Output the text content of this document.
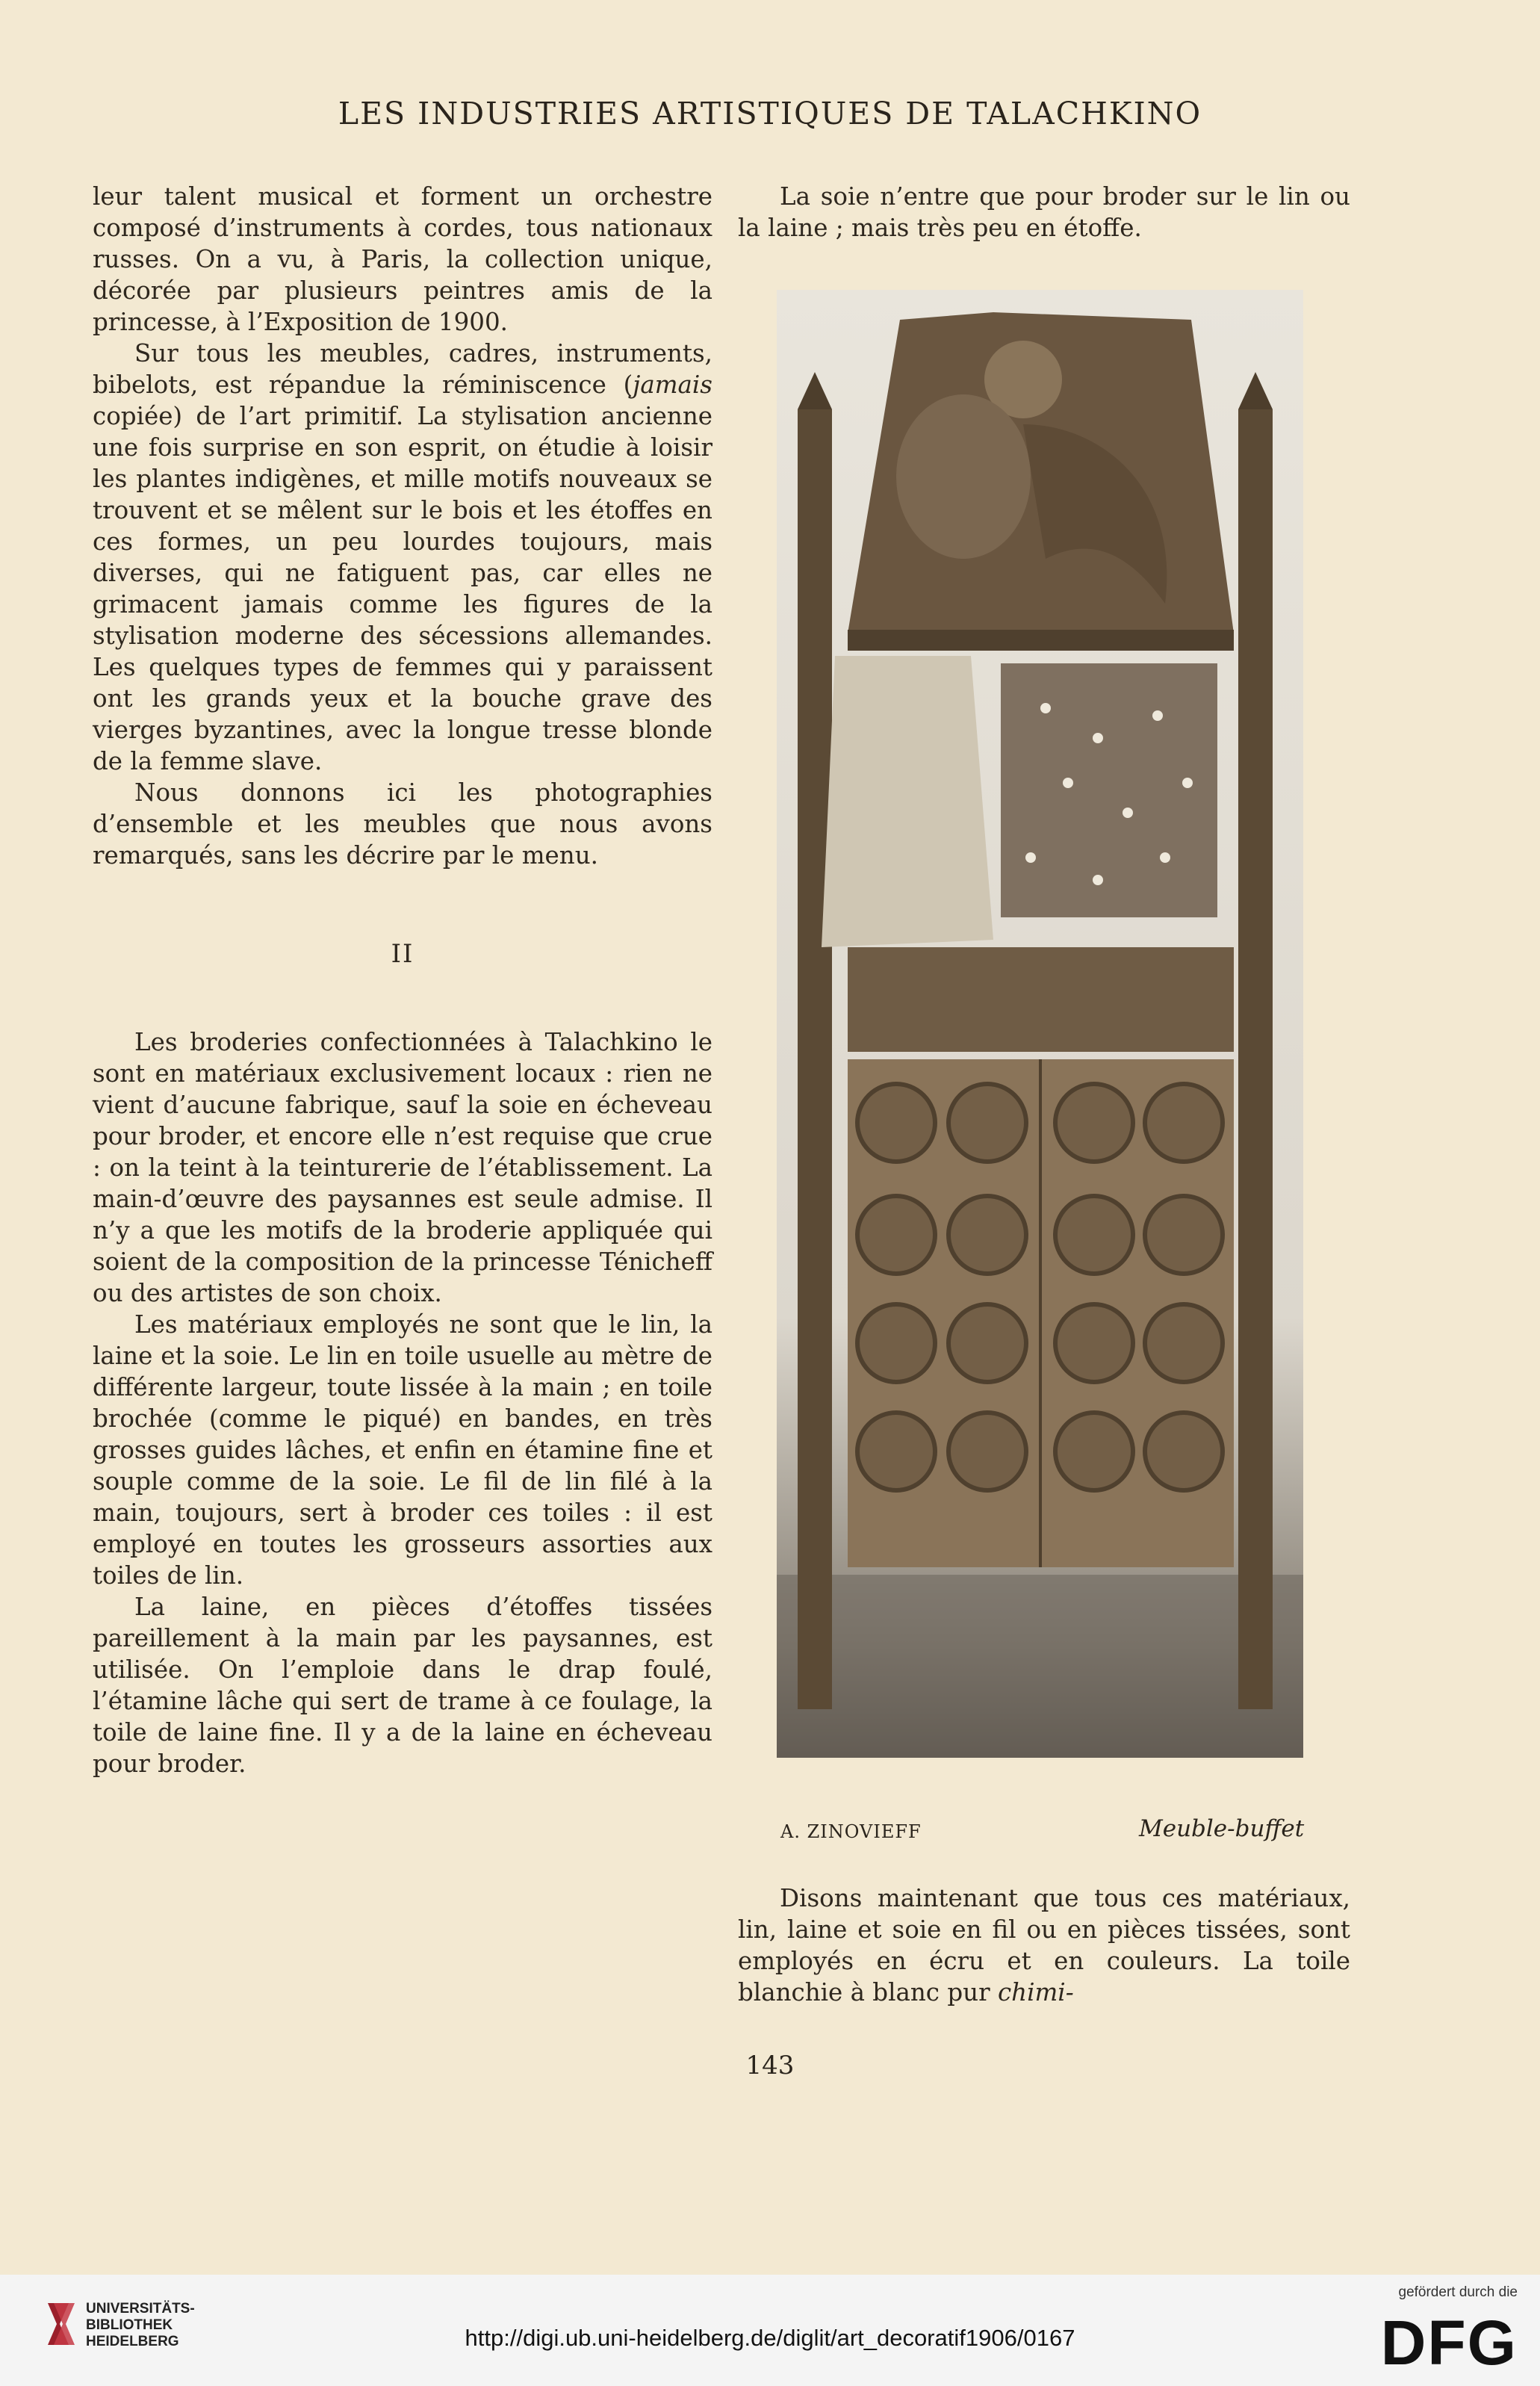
LES INDUSTRIES ARTISTIQUES DE TALACHKINO

leur talent musical et forment un orchestre composé d’instruments à cordes, tous nationaux russes. On a vu, à Paris, la collection unique, décorée par plusieurs peintres amis de la princesse, à l’Exposition de 1900.

Sur tous les meubles, cadres, instruments, bibelots, est répandue la réminiscence (jamais copiée) de l’art primitif. La stylisation ancienne une fois surprise en son esprit, on étudie à loisir les plantes indigènes, et mille motifs nouveaux se trouvent et se mêlent sur le bois et les étoffes en ces formes, un peu lourdes toujours, mais diverses, qui ne fatiguent pas, car elles ne grimacent jamais comme les figures de la stylisation moderne des sécessions allemandes. Les quelques types de femmes qui y paraissent ont les grands yeux et la bouche grave des vierges byzantines, avec la longue tresse blonde de la femme slave.

Nous donnons ici les photographies d’ensemble et les meubles que nous avons remarqués, sans les décrire par le menu.

II

Les broderies confectionnées à Talachkino le sont en matériaux exclusivement locaux : rien ne vient d’aucune fabrique, sauf la soie en écheveau pour broder, et encore elle n’est requise que crue : on la teint à la teinturerie de l’établissement. La main-d’œuvre des paysannes est seule admise. Il n’y a que les motifs de la broderie appliquée qui soient de la composition de la princesse Ténicheff ou des artistes de son choix.

Les matériaux employés ne sont que le lin, la laine et la soie. Le lin en toile usuelle au mètre de différente largeur, toute lissée à la main ; en toile brochée (comme le piqué) en bandes, en très grosses guides lâches, et enfin en étamine fine et souple comme de la soie. Le fil de lin filé à la main, toujours, sert à broder ces toiles : il est employé en toutes les grosseurs assorties aux toiles de lin.

La laine, en pièces d’étoffes tissées pareillement à la main par les paysannes, est utilisée. On l’emploie dans le drap foulé, l’étamine lâche qui sert de trame à ce foulage, la toile de laine fine. Il y a de la laine en écheveau pour broder.

La soie n’entre que pour broder sur le lin ou la laine ; mais très peu en étoffe.

A. ZINOVIEFF	Meuble-buffet

Disons maintenant que tous ces matériaux, lin, laine et soie en fil ou en pièces tissées, sont employés en écru et en couleurs. La toile blanchie à blanc pur chimi-

143
UNIVERSITÄTS-
BIBLIOTHEK
HEIDELBERG	http://digi.ub.uni-heidelberg.de/diglit/art_decoratif1906/0167
gefördert durch die
DFG
